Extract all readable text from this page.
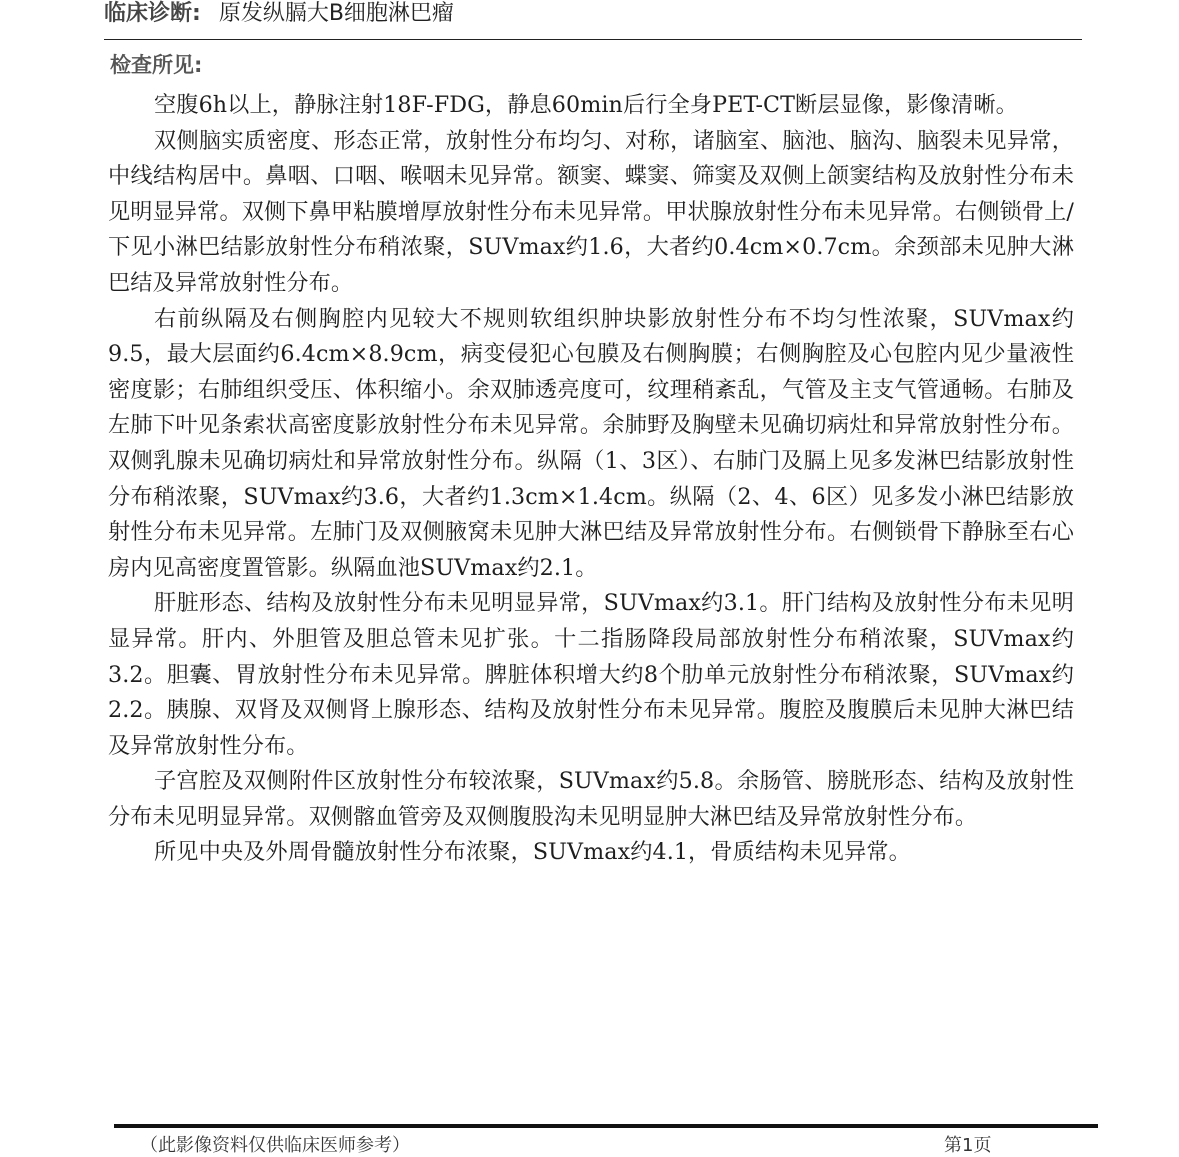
临床诊断: 原发纵膈大B细胞淋巴瘤
检查所见:

空腹6h以上，静脉注射18F-FDG，静息60min后行全身PET-CT断层显像，影像清晰。

双侧脑实质密度、形态正常，放射性分布均匀、对称，诸脑室、脑池、脑沟、脑裂未见异常，中线结构居中。鼻咽、口咽、喉咽未见异常。额窦、蝶窦、筛窦及双侧上颌窦结构及放射性分布未见明显异常。双侧下鼻甲粘膜增厚放射性分布未见异常。甲状腺放射性分布未见异常。右侧锁骨上/下见小淋巴结影放射性分布稍浓聚，SUVmax约1.6，大者约0.4cm×0.7cm。余颈部未见肿大淋巴结及异常放射性分布。

右前纵隔及右侧胸腔内见较大不规则软组织肿块影放射性分布不均匀性浓聚，SUVmax约9.5，最大层面约6.4cm×8.9cm，病变侵犯心包膜及右侧胸膜；右侧胸腔及心包腔内见少量液性密度影；右肺组织受压、体积缩小。余双肺透亮度可，纹理稍紊乱，气管及主支气管通畅。右肺及左肺下叶见条索状高密度影放射性分布未见异常。余肺野及胸壁未见确切病灶和异常放射性分布。双侧乳腺未见确切病灶和异常放射性分布。纵隔（1、3区）、右肺门及膈上见多发淋巴结影放射性分布稍浓聚，SUVmax约3.6，大者约1.3cm×1.4cm。纵隔（2、4、6区）见多发小淋巴结影放射性分布未见异常。左肺门及双侧腋窝未见肿大淋巴结及异常放射性分布。右侧锁骨下静脉至右心房内见高密度置管影。纵隔血池SUVmax约2.1。

肝脏形态、结构及放射性分布未见明显异常，SUVmax约3.1。肝门结构及放射性分布未见明显异常。肝内、外胆管及胆总管未见扩张。十二指肠降段局部放射性分布稍浓聚，SUVmax约3.2。胆囊、胃放射性分布未见异常。脾脏体积增大约8个肋单元放射性分布稍浓聚，SUVmax约2.2。胰腺、双肾及双侧肾上腺形态、结构及放射性分布未见异常。腹腔及腹膜后未见肿大淋巴结及异常放射性分布。

子宫腔及双侧附件区放射性分布较浓聚，SUVmax约5.8。余肠管、膀胱形态、结构及放射性分布未见明显异常。双侧髂血管旁及双侧腹股沟未见明显肿大淋巴结及异常放射性分布。

所见中央及外周骨髓放射性分布浓聚，SUVmax约4.1，骨质结构未见异常。

（此影像资料仅供临床医师参考）	第1页
